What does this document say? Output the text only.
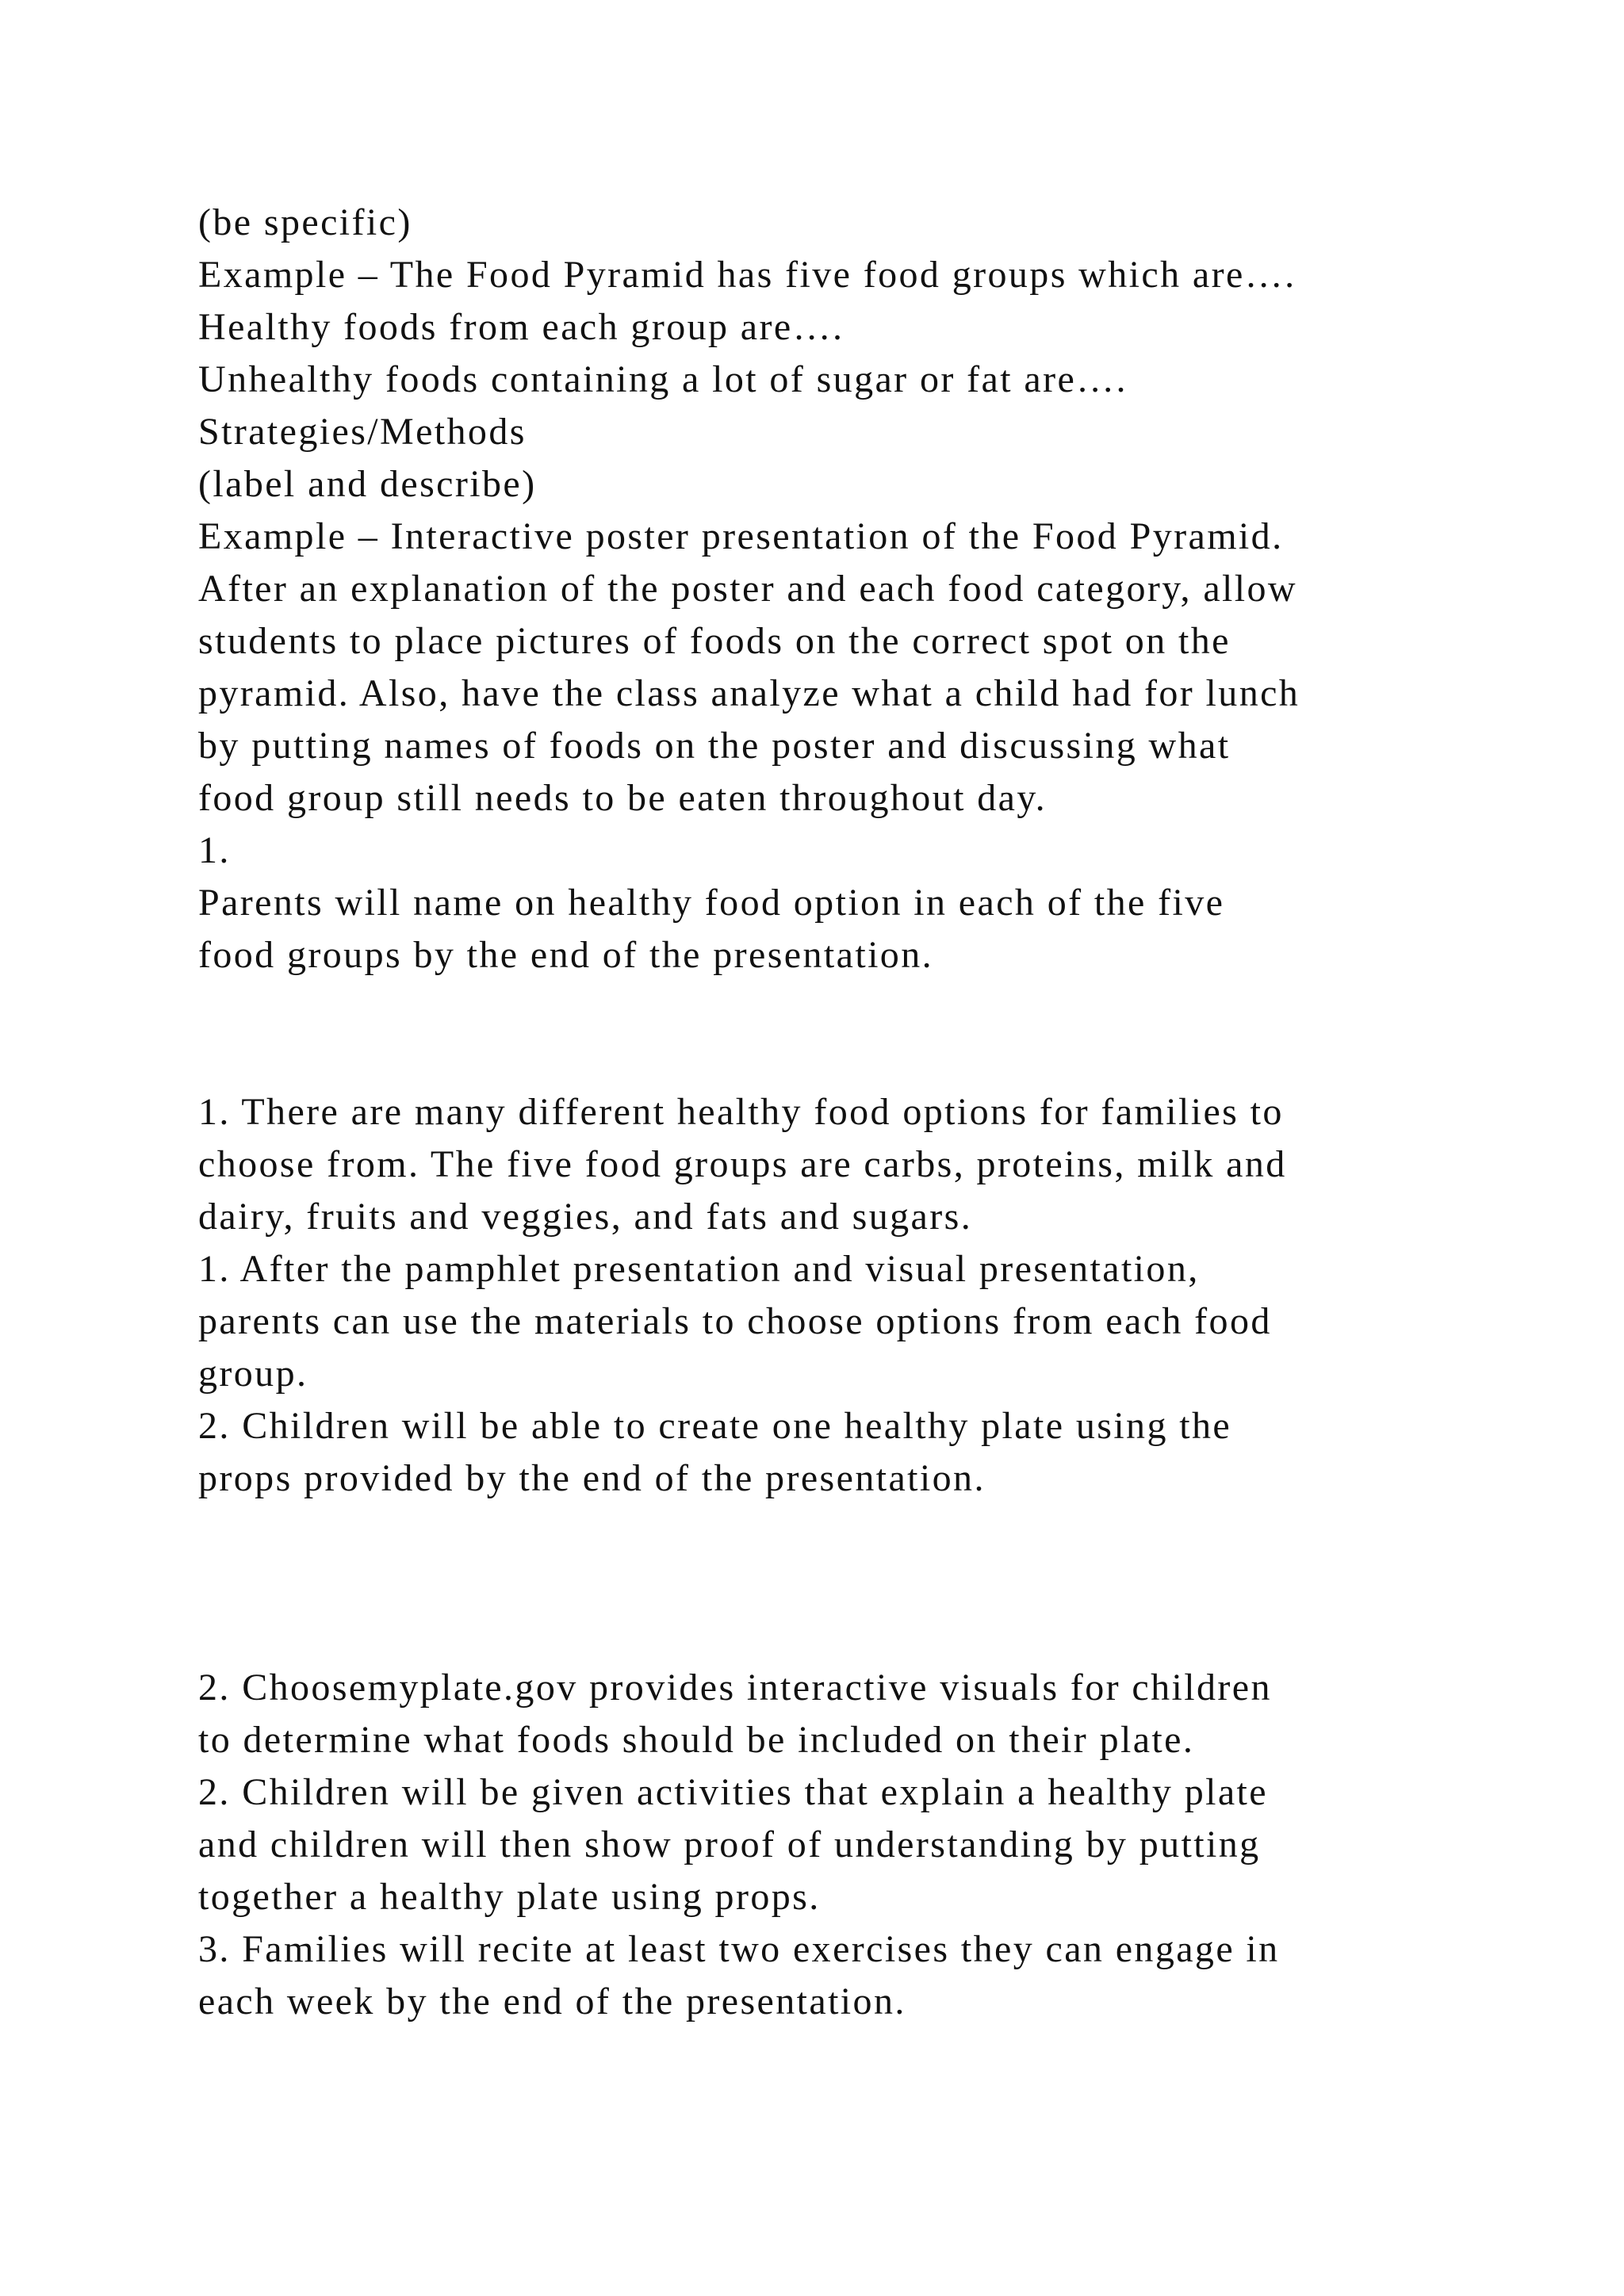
(be specific)
Example – The Food Pyramid has five food groups which are….
Healthy foods from each group are….
Unhealthy foods containing a lot of sugar or fat are….
Strategies/Methods
(label and describe)
Example – Interactive poster presentation of the Food Pyramid.
After an explanation of the poster and each food category, allow
students to place pictures of foods on the correct spot on the
pyramid. Also, have the class analyze what a child had for lunch
by putting names of foods on the poster and discussing what
food group still needs to be eaten throughout day.
1.
Parents will name on healthy food option in each of the five
food groups by the end of the presentation.
1. There are many different healthy food options for families to
choose from. The five food groups are carbs, proteins, milk and
dairy, fruits and veggies, and fats and sugars.
1. After the pamphlet presentation and visual presentation,
parents can use the materials to choose options from each food
group.
2. Children will be able to create one healthy plate using the
props provided by the end of the presentation.
2. Choosemyplate.gov provides interactive visuals for children
to determine what foods should be included on their plate.
2. Children will be given activities that explain a healthy plate
and children will then show proof of understanding by putting
together a healthy plate using props.
3. Families will recite at least two exercises they can engage in
each week by the end of the presentation.
